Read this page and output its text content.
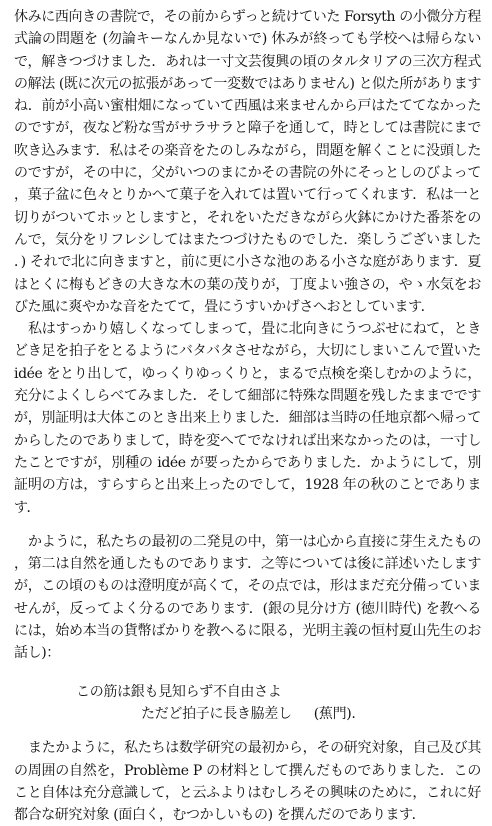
休みに西向きの書院で，その前からずっと続けていた Forsyth の小微分方程式論の問題を (勿論キーなんか見ないで) 休みが終っても学校へは帰らないで，解きつづけました．あれは一寸文芸復興の頃のタルタリアの三次方程式の解法 (既に次元の拡張があって一変数ではありません) と似た所がありますね．前が小高い蜜柑畑になっていて西風は来ませんから戸はたててなかったのですが，夜など粉な雪がサラサラと障子を通して，時としては書院にまで吹き込みます．私はその楽音をたのしみながら，問題を解くことに没頭したのですが，その中に，父がいつのまにかその書院の外にそっとしのびよって，菓子盆に色々とりかへて菓子を入れては置いて行ってくれます．私は一と切りがついてホッとしますと，それをいただきながら火鉢にかけた番茶をのんで，気分をリフレシしてはまたつづけたものでした．楽しうございました．) それで北に向きますと，前に更に小さな池のある小さな庭があります．夏はとくに梅もどきの大きな木の葉の茂りが，丁度よい強さの，やゝ水気をおびた風に爽やかな音をたてて，畳にうすいかげさへおとしています．

私はすっかり嬉しくなってしまって，畳に北向きにうつぶせにねて，ときどき足を拍子をとるようにバタバタさせながら，大切にしまいこんで置いた idée をとり出して，ゆっくりゆっくりと，まるで点検を楽しむかのように，充分によくしらべてみました．そして細部に特殊な問題を残したままでですが，別証明は大体このとき出来上りました．細部は当時の任地京都へ帰ってからしたのでありまして，時を変へてでなければ出来なかったのは，一寸したことですが，別種の idée が要ったからでありました．かようにして，別証明の方は，すらすらと出来上ったのでして，1928 年の秋のことであります．

かように，私たちの最初の二発見の中，第一は心から直接に芽生えたもの，第二は自然を通したものであります．之等については後に詳述いたしますが，この頃のものは澄明度が高くて，その点では，形はまだ充分備っていませんが，反ってよく分るのであります．(銀の見分け方 (徳川時代) を教へるには，始め本当の貨幣ばかりを教へるに限る，光明主義の恒村夏山先生のお話し)：

この筋は銀も見知らず不自由さよ
ただど拍子に長き脇差し (蕉門).

またかように，私たちは数学研究の最初から，その研究対象，自己及び其の周囲の自然を，Problème P の材料として撰んだものでありました．このこと自体は充分意識して，と云ふよりはむしろその興味のために，これに好都合な研究対象 (面白く，むつかしいもの) を撰んだのであります．
